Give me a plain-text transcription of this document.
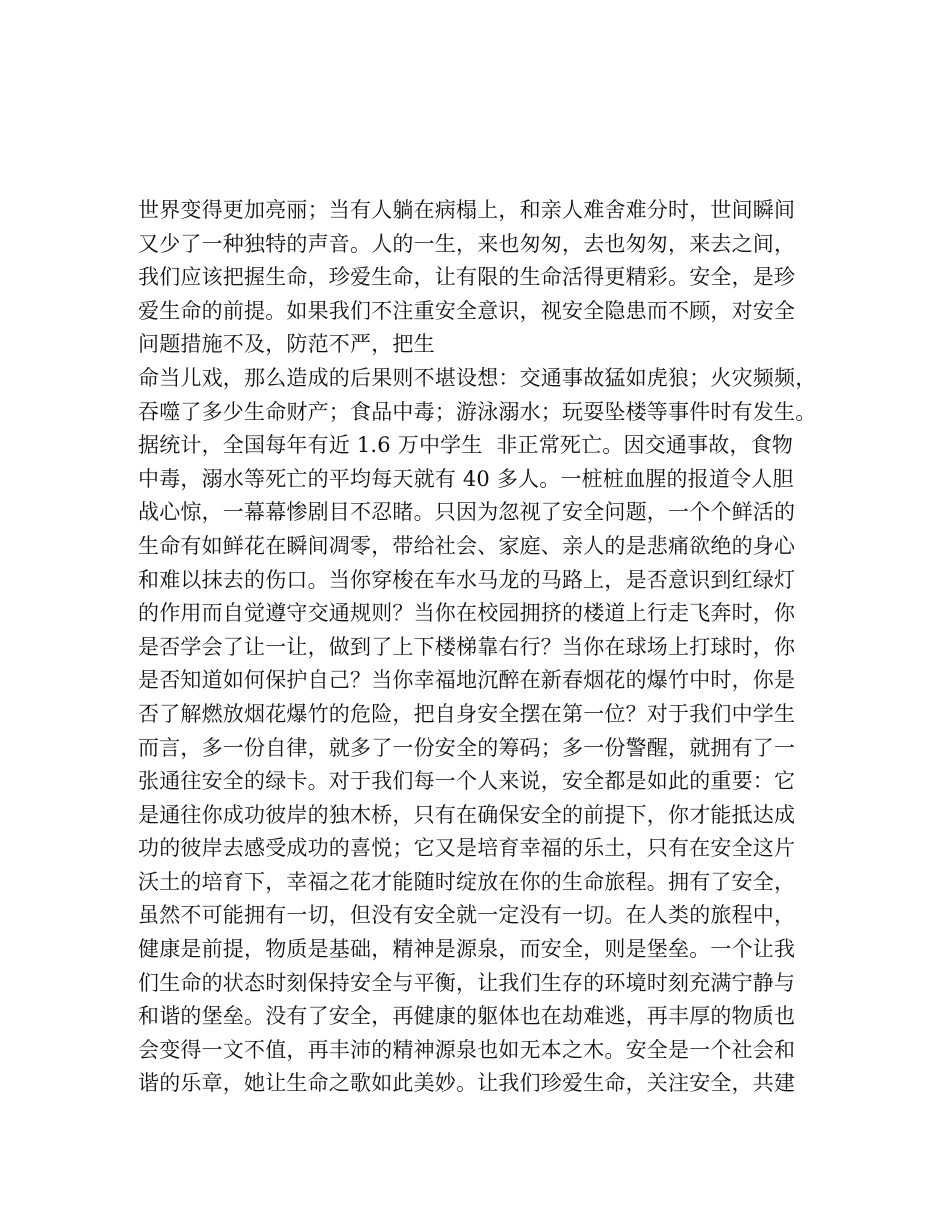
世界变得更加亮丽；当有人躺在病榻上，和亲人难舍难分时，世间瞬间
又少了一种独特的声音。人的一生，来也匆匆，去也匆匆，来去之间，
我们应该把握生命，珍爱生命，让有限的生命活得更精彩。安全，是珍
爱生命的前提。如果我们不注重安全意识，视安全隐患而不顾，对安全
问题措施不及，防范不严，把生
命当儿戏，那么造成的后果则不堪设想：交通事故猛如虎狼；火灾频频，
吞噬了多少生命财产；食品中毒；游泳溺水；玩耍坠楼等事件时有发生。
据统计，全国每年有近 1.6 万中学生  非正常死亡。因交通事故，食物
中毒，溺水等死亡的平均每天就有 40 多人。一桩桩血腥的报道令人胆
战心惊，一幕幕惨剧目不忍睹。只因为忽视了安全问题，一个个鲜活的
生命有如鲜花在瞬间凋零，带给社会、家庭、亲人的是悲痛欲绝的身心
和难以抹去的伤口。当你穿梭在车水马龙的马路上，是否意识到红绿灯
的作用而自觉遵守交通规则？当你在校园拥挤的楼道上行走飞奔时，你
是否学会了让一让，做到了上下楼梯靠右行？当你在球场上打球时，你
是否知道如何保护自己？当你幸福地沉醉在新春烟花的爆竹中时，你是
否了解燃放烟花爆竹的危险，把自身安全摆在第一位？对于我们中学生
而言，多一份自律，就多了一份安全的筹码；多一份警醒，就拥有了一
张通往安全的绿卡。对于我们每一个人来说，安全都是如此的重要：它
是通往你成功彼岸的独木桥，只有在确保安全的前提下，你才能抵达成
功的彼岸去感受成功的喜悦；它又是培育幸福的乐土，只有在安全这片
沃土的培育下，幸福之花才能随时绽放在你的生命旅程。拥有了安全，
虽然不可能拥有一切，但没有安全就一定没有一切。在人类的旅程中，
健康是前提，物质是基础，精神是源泉，而安全，则是堡垒。一个让我
们生命的状态时刻保持安全与平衡，让我们生存的环境时刻充满宁静与
和谐的堡垒。没有了安全，再健康的躯体也在劫难逃，再丰厚的物质也
会变得一文不值，再丰沛的精神源泉也如无本之木。安全是一个社会和
谐的乐章，她让生命之歌如此美妙。让我们珍爱生命，关注安全，共建
